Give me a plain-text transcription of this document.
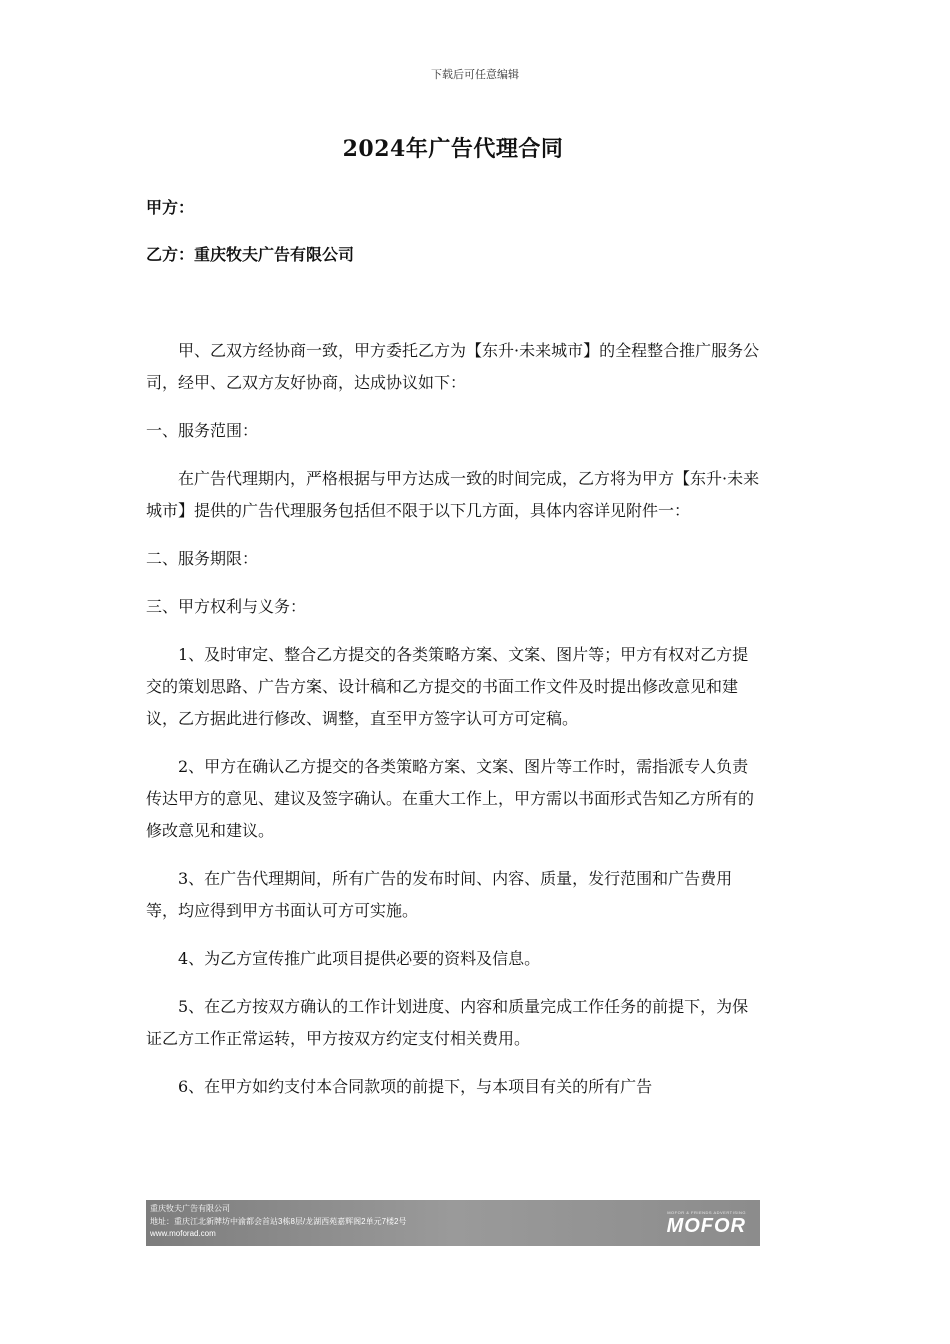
下载后可任意编辑
2024年广告代理合同
甲方：
乙方：重庆牧夫广告有限公司

甲、乙双方经协商一致，甲方委托乙方为【东升·未来城市】的全程整合推广服务公司，经甲、乙双方友好协商，达成协议如下：

一、服务范围：

在广告代理期内，严格根据与甲方达成一致的时间完成，乙方将为甲方【东升·未来城市】提供的广告代理服务包括但不限于以下几方面，具体内容详见附件一：

二、服务期限：

三、甲方权利与义务：

1、及时审定、整合乙方提交的各类策略方案、文案、图片等；甲方有权对乙方提交的策划思路、广告方案、设计稿和乙方提交的书面工作文件及时提出修改意见和建议，乙方据此进行修改、调整，直至甲方签字认可方可定稿。

2、甲方在确认乙方提交的各类策略方案、文案、图片等工作时，需指派专人负责传达甲方的意见、建议及签字确认。在重大工作上，甲方需以书面形式告知乙方所有的修改意见和建议。

3、在广告代理期间，所有广告的发布时间、内容、质量，发行范围和广告费用等，均应得到甲方书面认可方可实施。

4、为乙方宣传推广此项目提供必要的资料及信息。

5、在乙方按双方确认的工作计划进度、内容和质量完成工作任务的前提下，为保证乙方工作正常运转，甲方按双方约定支付相关费用。

6、在甲方如约支付本合同款项的前提下，与本项目有关的所有广告

重庆牧夫广告有限公司
地址：重庆江北新牌坊中渝都会首站3栋8层/龙湖西苑嘉辉阁2单元7楼2号
www.moforad.com
MOFOR & FRIENDS ADVERTISING
MOFOR
